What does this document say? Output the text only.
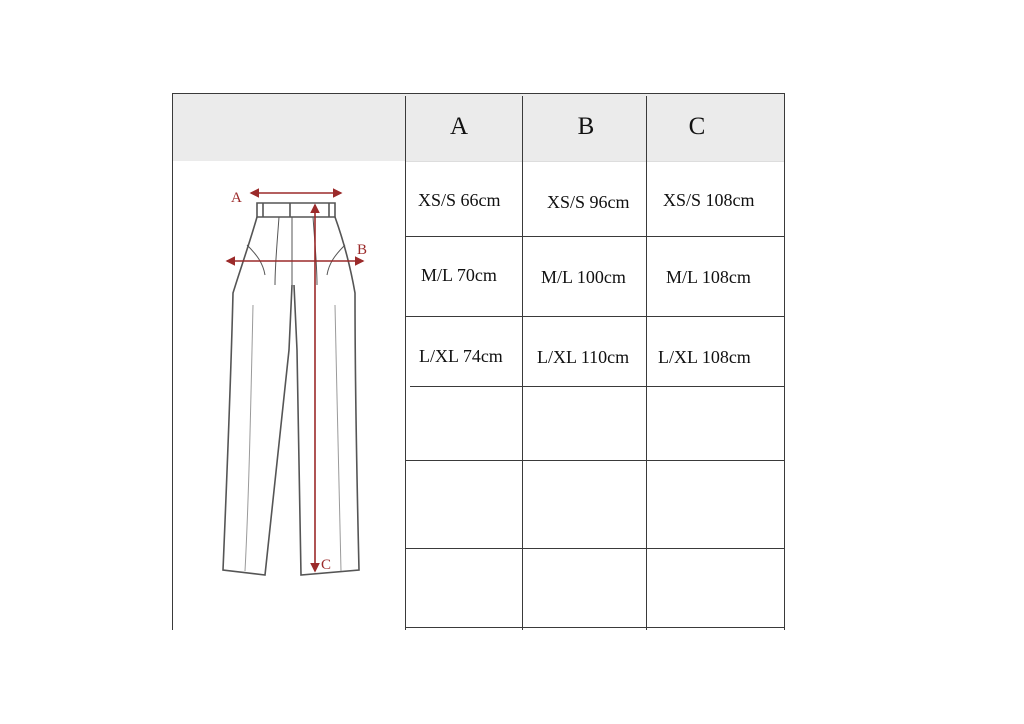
A	B	C
XS/S 66cm	XS/S 96cm XS/S 108cm
M/L 70cm M/L 100cm M/L 108cm
L/XL 74cm L/XL 110cm L/XL 108cm
A
B
C
